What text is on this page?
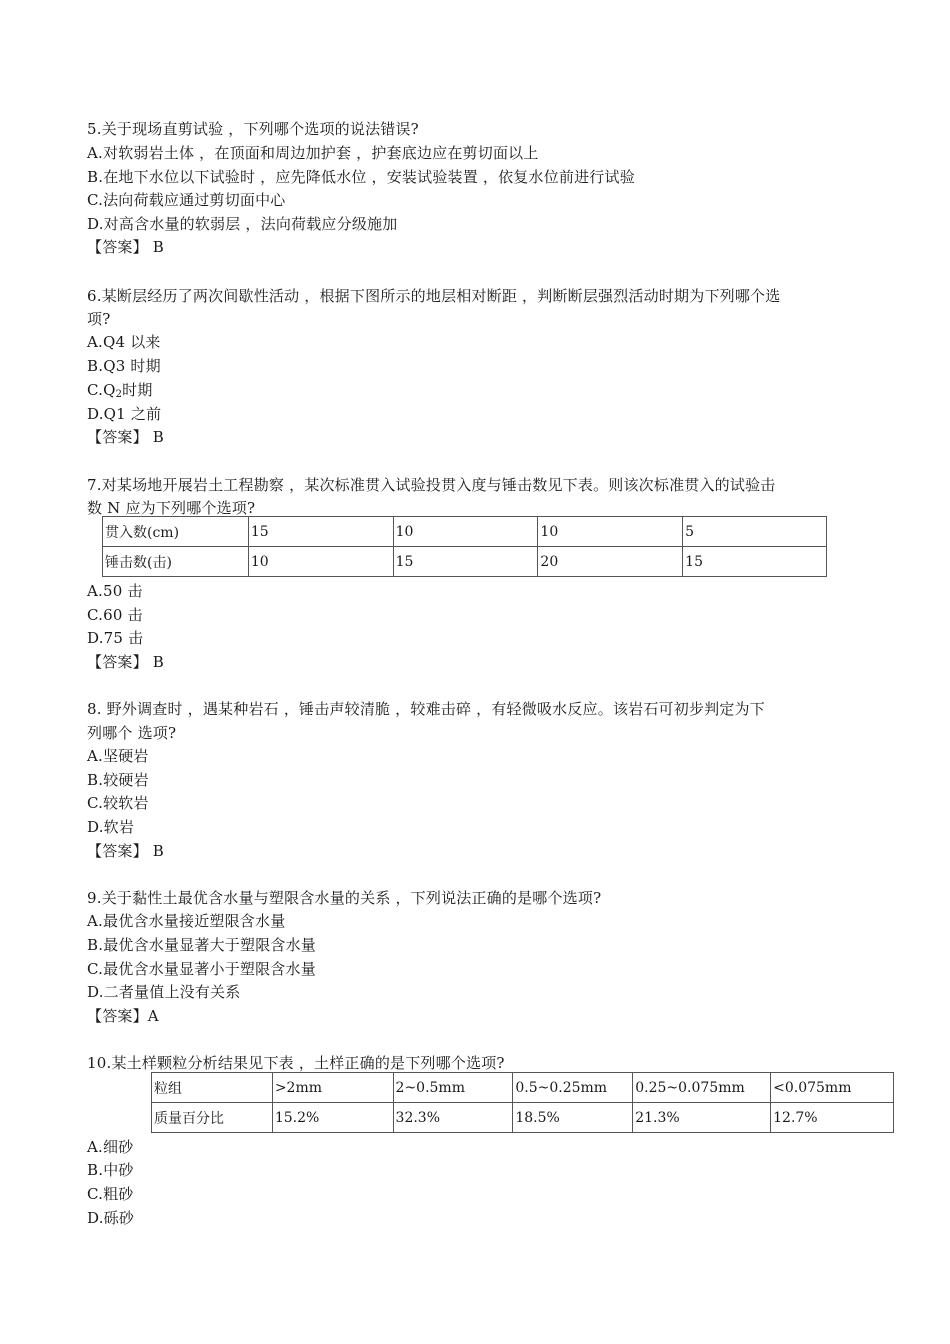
5.关于现场直剪试验 ，下列哪个选项的说法错误?
A.对软弱岩土体 ，在顶面和周边加护套 ，护套底边应在剪切面以上
B.在地下水位以下试验时 ，应先降低水位 ，安装试验装置 ，依复水位前进行试验
C.法向荷载应通过剪切面中心
D.对高含水量的软弱层 ，法向荷载应分级施加
【答案】 B
6.某断层经历了两次间歇性活动 ，根据下图所示的地层相对断距 ，判断断层强烈活动时期为下列哪个选
项?
A.Q4 以来
B.Q3 时期
$C.Q_2$时期
D.Q1 之前
【答案】 B
7.对某场地开展岩土工程勘察 ，某次标准贯入试验投贯入度与锤击数见下表。则该次标准贯入的试验击
数 N 应为下列哪个选项?
贯入数(cm)	15	10	10	5
锤击数(击)	10	15	20	15
A.50 击
C.60 击
D.75 击
【答案】 B
8. 野外调查时 ，遇某种岩石 ，锤击声较清脆 ，较难击碎 ，有轻微吸水反应。该岩石可初步判定为下
列哪个 选项?
A.坚硬岩
B.较硬岩
C.较软岩
D.软岩
【答案】 B
9.关于黏性土最优含水量与塑限含水量的关系 ，下列说法正确的是哪个选项?
A.最优含水量接近塑限含水量
B.最优含水量显著大于塑限含水量
C.最优含水量显著小于塑限含水量
D.二者量值上没有关系
【答案】A
10.某土样颗粒分析结果见下表 ，土样正确的是下列哪个选项?
粒组	>2mm	2~0.5mm	0.5~0.25mm	0.25~0.075mm	<0.075mm
质量百分比	15.2%	32.3%	18.5%	21.3%	12.7%
A.细砂
B.中砂
C.粗砂
D.砾砂
